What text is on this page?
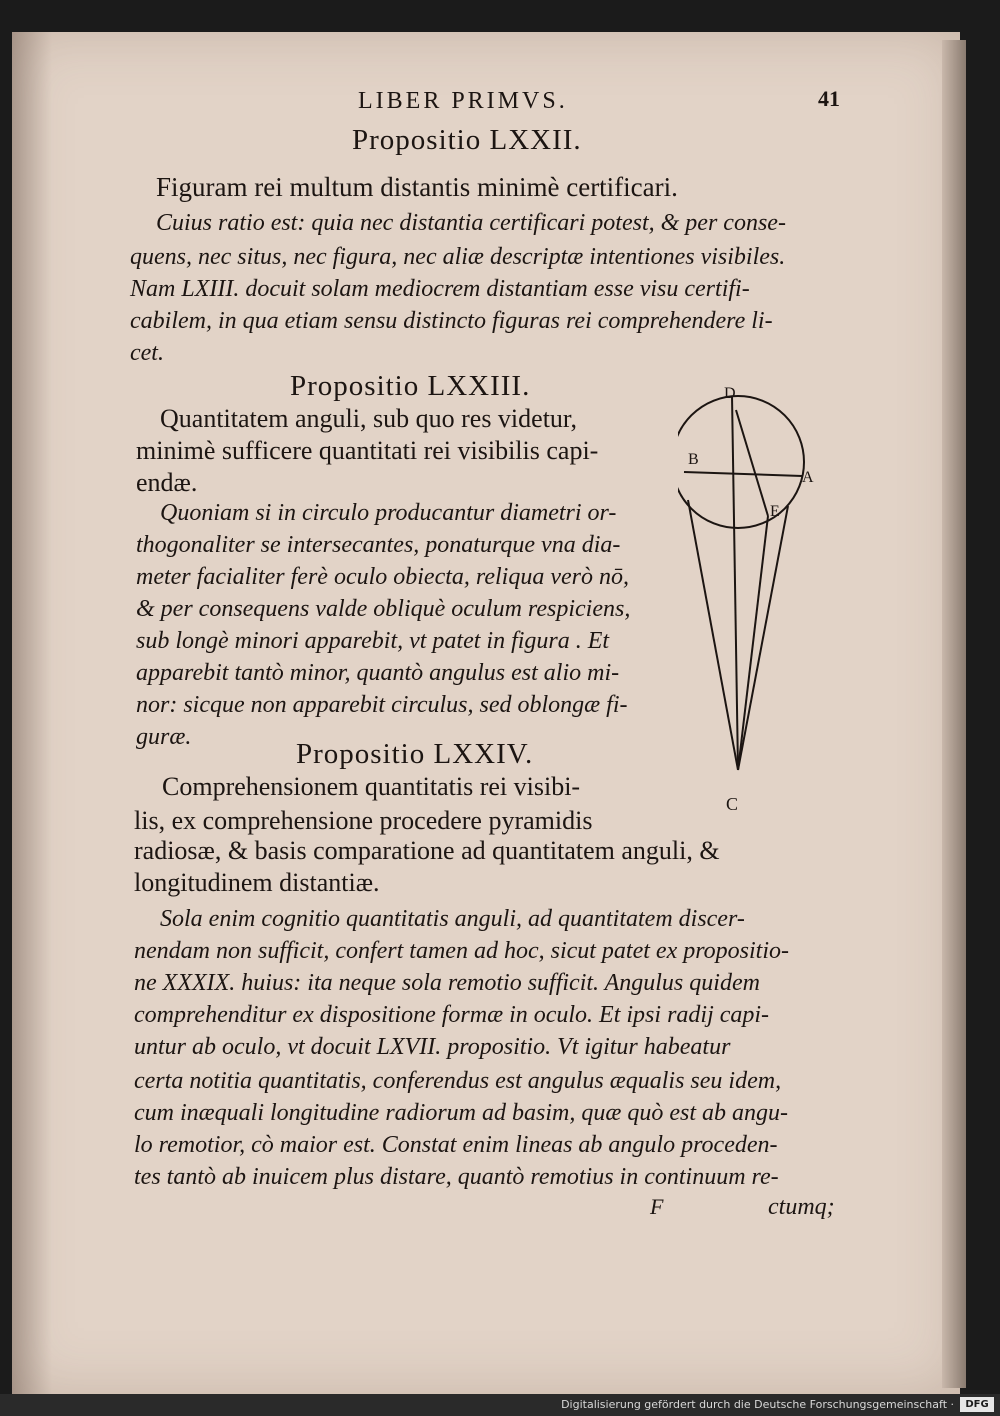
LIBER PRIMVS.	41
Propositio LXXII.
Figuram rei multum distantis minimè certificari.
Cuius ratio est: quia nec distantia certificari potest, & per conse-
quens, nec situs, nec figura, nec aliæ descriptæ intentiones visibiles.
Nam LXIII. docuit solam mediocrem distantiam esse visu certifi-
cabilem, in qua etiam sensu distincto figuras rei comprehendere li-
cet.
Propositio LXXIII.
Quantitatem anguli, sub quo res videtur,
minimè sufficere quantitati rei visibilis capi-
endæ.
Quoniam si in circulo producantur diametri or-
thogonaliter se intersecantes, ponaturque vna dia-
meter facialiter ferè oculo obiecta, reliqua verò nō,
& per consequens valde obliquè oculum respiciens,
sub longè minori apparebit, vt patet in figura . Et
apparebit tantò minor, quantò angulus est alio mi-
nor: sicque non apparebit circulus, sed oblongæ fi-
guræ.
D
B
A
E
C
Propositio LXXIV.
Comprehensionem quantitatis rei visibi-
lis, ex comprehensione procedere pyramidis
radiosæ, & basis comparatione ad quantitatem anguli, &
longitudinem distantiæ.
Sola enim cognitio quantitatis anguli, ad quantitatem discer-
nendam non sufficit, confert tamen ad hoc, sicut patet ex propositio-
ne XXXIX. huius: ita neque sola remotio sufficit. Angulus quidem
comprehenditur ex dispositione formæ in oculo. Et ipsi radij capi-
untur ab oculo, vt docuit LXVII. propositio. Vt igitur habeatur
certa notitia quantitatis, conferendus est angulus æqualis seu idem,
cum inæquali longitudine radiorum ad basim, quæ quò est ab angu-
lo remotior, cò maior est. Constat enim lineas ab angulo proceden-
tes tantò ab inuicem plus distare, quantò remotius in continuum re-
F	ctumq;
Digitalisierung gefördert durch die Deutsche Forschungsgemeinschaft ·	DFG
